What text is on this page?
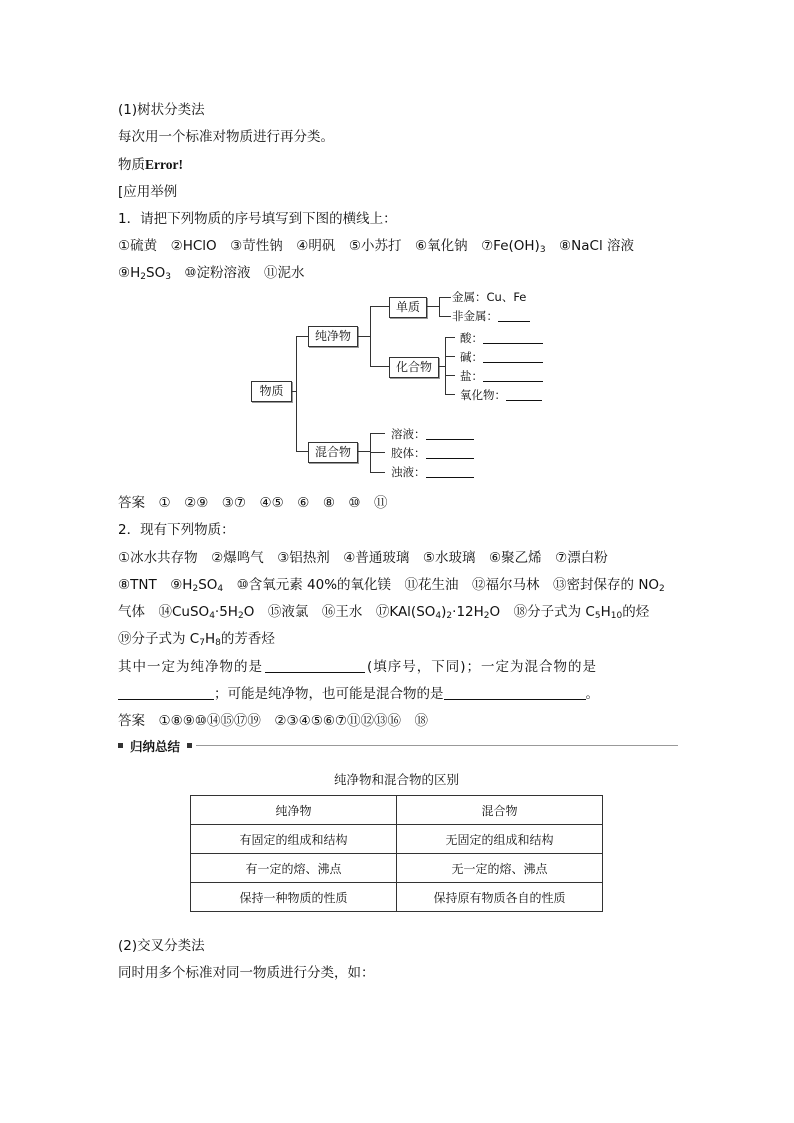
(1)树状分类法
每次用一个标准对物质进行再分类。
物质Error!
[应用举例
1．请把下列物质的序号填写到下图的横线上：
①硫黄　②HClO　③苛性钠　④明矾　⑤小苏打　⑥氧化钠　$⑦Fe(OH)_3$　⑧NaCl 溶液
$⑨H_2SO_3$　⑩淀粉溶液　⑪泥水
物质
纯净物
混合物
单质
化合物
金属：Cu、Fe
非金属：
酸：
碱：
盐：
氧化物：
溶液：
胶体：
浊液：
答案　①　②⑨　③⑦　④⑤　⑥　⑧　⑩　⑪
2．现有下列物质：
①冰水共存物　②爆鸣气　③铝热剂　④普通玻璃　⑤水玻璃　⑥聚乙烯　⑦漂白粉
⑧TNT　$⑨H_2SO_4$　⑩含氧元素 40%的氧化镁　⑪花生油　⑫福尔马林　⑬密封保存的 $NO_2$
气体　$⑭CuSO_4\cdot 5H_2O$　⑮液氯　⑯王水　$⑰KAl(SO_4)_2\cdot 12H_2O$　⑱分子式为 $C_5H_{10}$的烃
⑲分子式为 $C_7H_8$的芳香烃
其中一定为纯净物的是	(填序号，下同)；一定为混合物的是
；可能是纯净物，也可能是混合物的是	。
答案　①⑧⑨⑩⑭⑮⑰⑲　②③④⑤⑥⑦⑪⑫⑬⑯　⑱
归纳总结
纯净物和混合物的区别
纯净物	混合物
有固定的组成和结构	无固定的组成和结构
有一定的熔、沸点	无一定的熔、沸点
保持一种物质的性质	保持原有物质各自的性质
(2)交叉分类法
同时用多个标准对同一物质进行分类，如：
